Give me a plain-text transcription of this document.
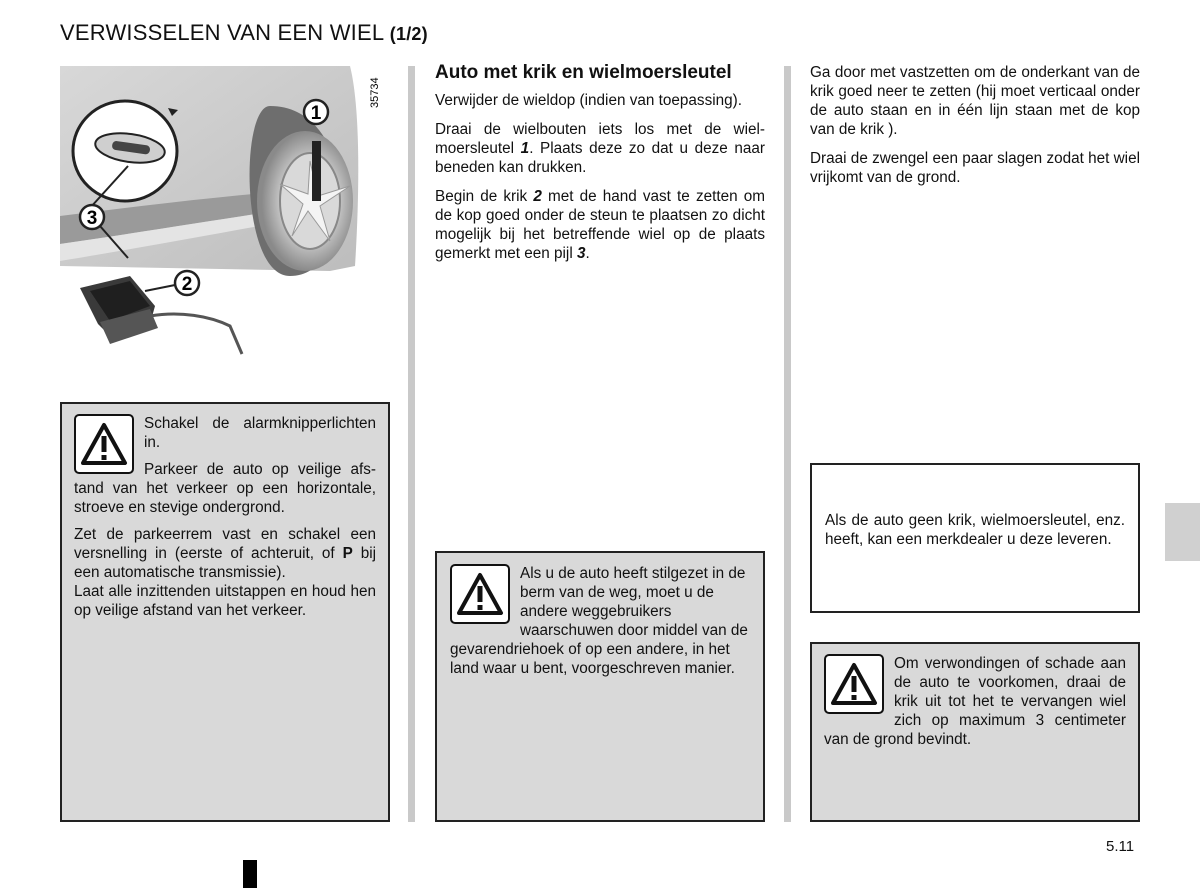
VERWISSELEN VAN EEN WIEL (1/2)
1
2
3
35734

Schakel de alarmknipperlichten in.

Parkeer de auto op veilige afstand van het verkeer op een horizontale, stroeve en stevige ondergrond.

Zet de parkeerrem vast en schakel een versnelling in (eerste of achteruit, of P bij een automatische transmissie).

Laat alle inzittenden uitstappen en houd hen op veilige afstand van het verkeer.

Auto met krik en wielmoersleutel

Verwijder de wieldop (indien van toepassing).

Draai de wielbouten iets los met de wielmoersleutel 1. Plaats deze zo dat u deze naar beneden kan drukken.

Begin de krik 2 met de hand vast te zetten om de kop goed onder de steun te plaatsen zo dicht mogelijk bij het betreffende wiel op de plaats gemerkt met een pijl 3.

Als u de auto heeft stilgezet in de berm van de weg, moet u de andere weggebruikers waarschuwen door middel van de gevarendriehoek of op een andere, in het land waar u bent, voorgeschreven manier.

Ga door met vastzetten om de onderkant van de krik goed neer te zetten (hij moet verticaal onder de auto staan en in één lijn staan met de kop van de krik ).

Draai de zwengel een paar slagen zodat het wiel vrijkomt van de grond.

Als de auto geen krik, wielmoersleutel, enz. heeft, kan een merkdealer u deze leveren.

Om verwondingen of schade aan de auto te voorkomen, draai de krik uit tot het te vervangen wiel zich op maximum 3 centimeter van de grond bevindt.

5.11
